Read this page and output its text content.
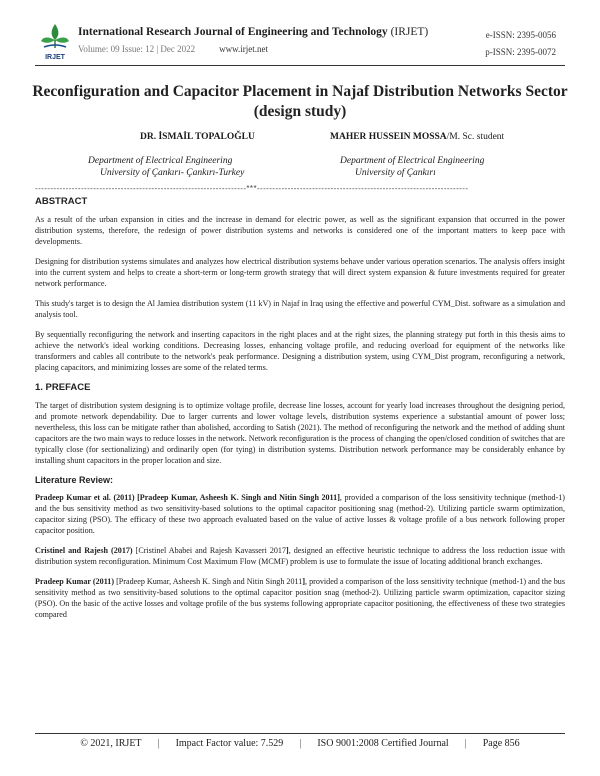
IRJET
International Research Journal of Engineering and Technology (IRJET)
Volume: 09 Issue: 12 | Dec 2022	www.irjet.net
e-ISSN: 2395-0056
p-ISSN: 2395-0072
Reconfiguration and Capacitor Placement in Najaf Distribution Networks Sector (design study)
DR. İSMAİL TOPALOĞLU	MAHER HUSSEIN MOSSA/M. Sc. student
Department of Electrical Engineering
University of Çankırı- Çankırı-Turkey
Department of Electrical Engineering
University of Çankırı
---------------------------------------------------------------------***---------------------------------------------------------------------
ABSTRACT

As a result of the urban expansion in cities and the increase in demand for electric power, as well as the significant expansion that occurred in the power distribution systems, therefore, the redesign of power distribution systems and networks is considered one of the important matters to keep pace with developments.

Designing for distribution systems simulates and analyzes how electrical distribution systems behave under various operation scenarios. The analysis offers insight into the current system and helps to create a short-term or long-term growth strategy that will direct system expansion & future investments required for greater network performance.

This study's target is to design the Al Jamiea distribution system (11 kV) in Najaf in Iraq using the effective and powerful CYM_Dist. software as a simulation and analysis tool.

By sequentially reconfiguring the network and inserting capacitors in the right places and at the right sizes, the planning strategy put forth in this thesis aims to achieve the network's ideal working conditions. Decreasing losses, enhancing voltage profile, and reducing overload for equipment of the networks like transformers and cables all contribute to the network's peak performance. Designing a distribution system, using CYM_Dist program, reconfiguring a network, placing capacitors, and minimizing losses are some of the related terms.

1. PREFACE

The target of distribution system designing is to optimize voltage profile, decrease line losses, account for yearly load increases throughout the designing period, and promote network dependability. Due to larger currents and lower voltage levels, distribution systems experience a substantial amount of power loss; nevertheless, this loss can be mitigate rather than abolished, according to Satish (2021). The method of reconfiguring the network and the method of adding shunt capacitors are the two main ways to reduce losses in the network. Network reconfiguration is the process of changing the open/closed condition of switches that are typically close (for sectionalizing) and ordinarily open (for tying) in distribution systems. Distribution network performance may be considerably enhance by installing shunt capacitors in the proper location and size.

Literature Review:

Pradeep Kumar et al. (2011) [Pradeep Kumar, Asheesh K. Singh and Nitin Singh 2011], provided a comparison of the loss sensitivity technique (method-1) and the bus sensitivity method as two sensitivity-based solutions to the optimal capacitor positioning snag (method-2). Utilizing particle swarm optimization, capacitor sizing (PSO). The efficacy of these two approach evaluated based on the value of active losses & voltage profile of a bus network following proper capacitor position.

Cristinel and Rajesh (2017) [Cristinel Ababei and Rajesh Kavasseri 2017], designed an effective heuristic technique to address the loss reduction issue with distribution system reconfiguration. Minimum Cost Maximum Flow (MCMF) problem is use to formulate the issue of locating additional branch exchanges.

Pradeep Kumar (2011) [Pradeep Kumar, Asheesh K. Singh and Nitin Singh 2011], provided a comparison of the loss sensitivity technique (method-1) and the bus sensitivity method as two sensitivity-based solutions to the optimal capacitor position snag (method-2). Utilizing particle swarm optimization, capacitor sizing (PSO). On the basic of the active losses and voltage profile of the bus systems following appropriate capacitor positioning, the effectiveness of these two strategies compared

© 2021, IRJET | Impact Factor value: 7.529 | ISO 9001:2008 Certified Journal | Page 856
